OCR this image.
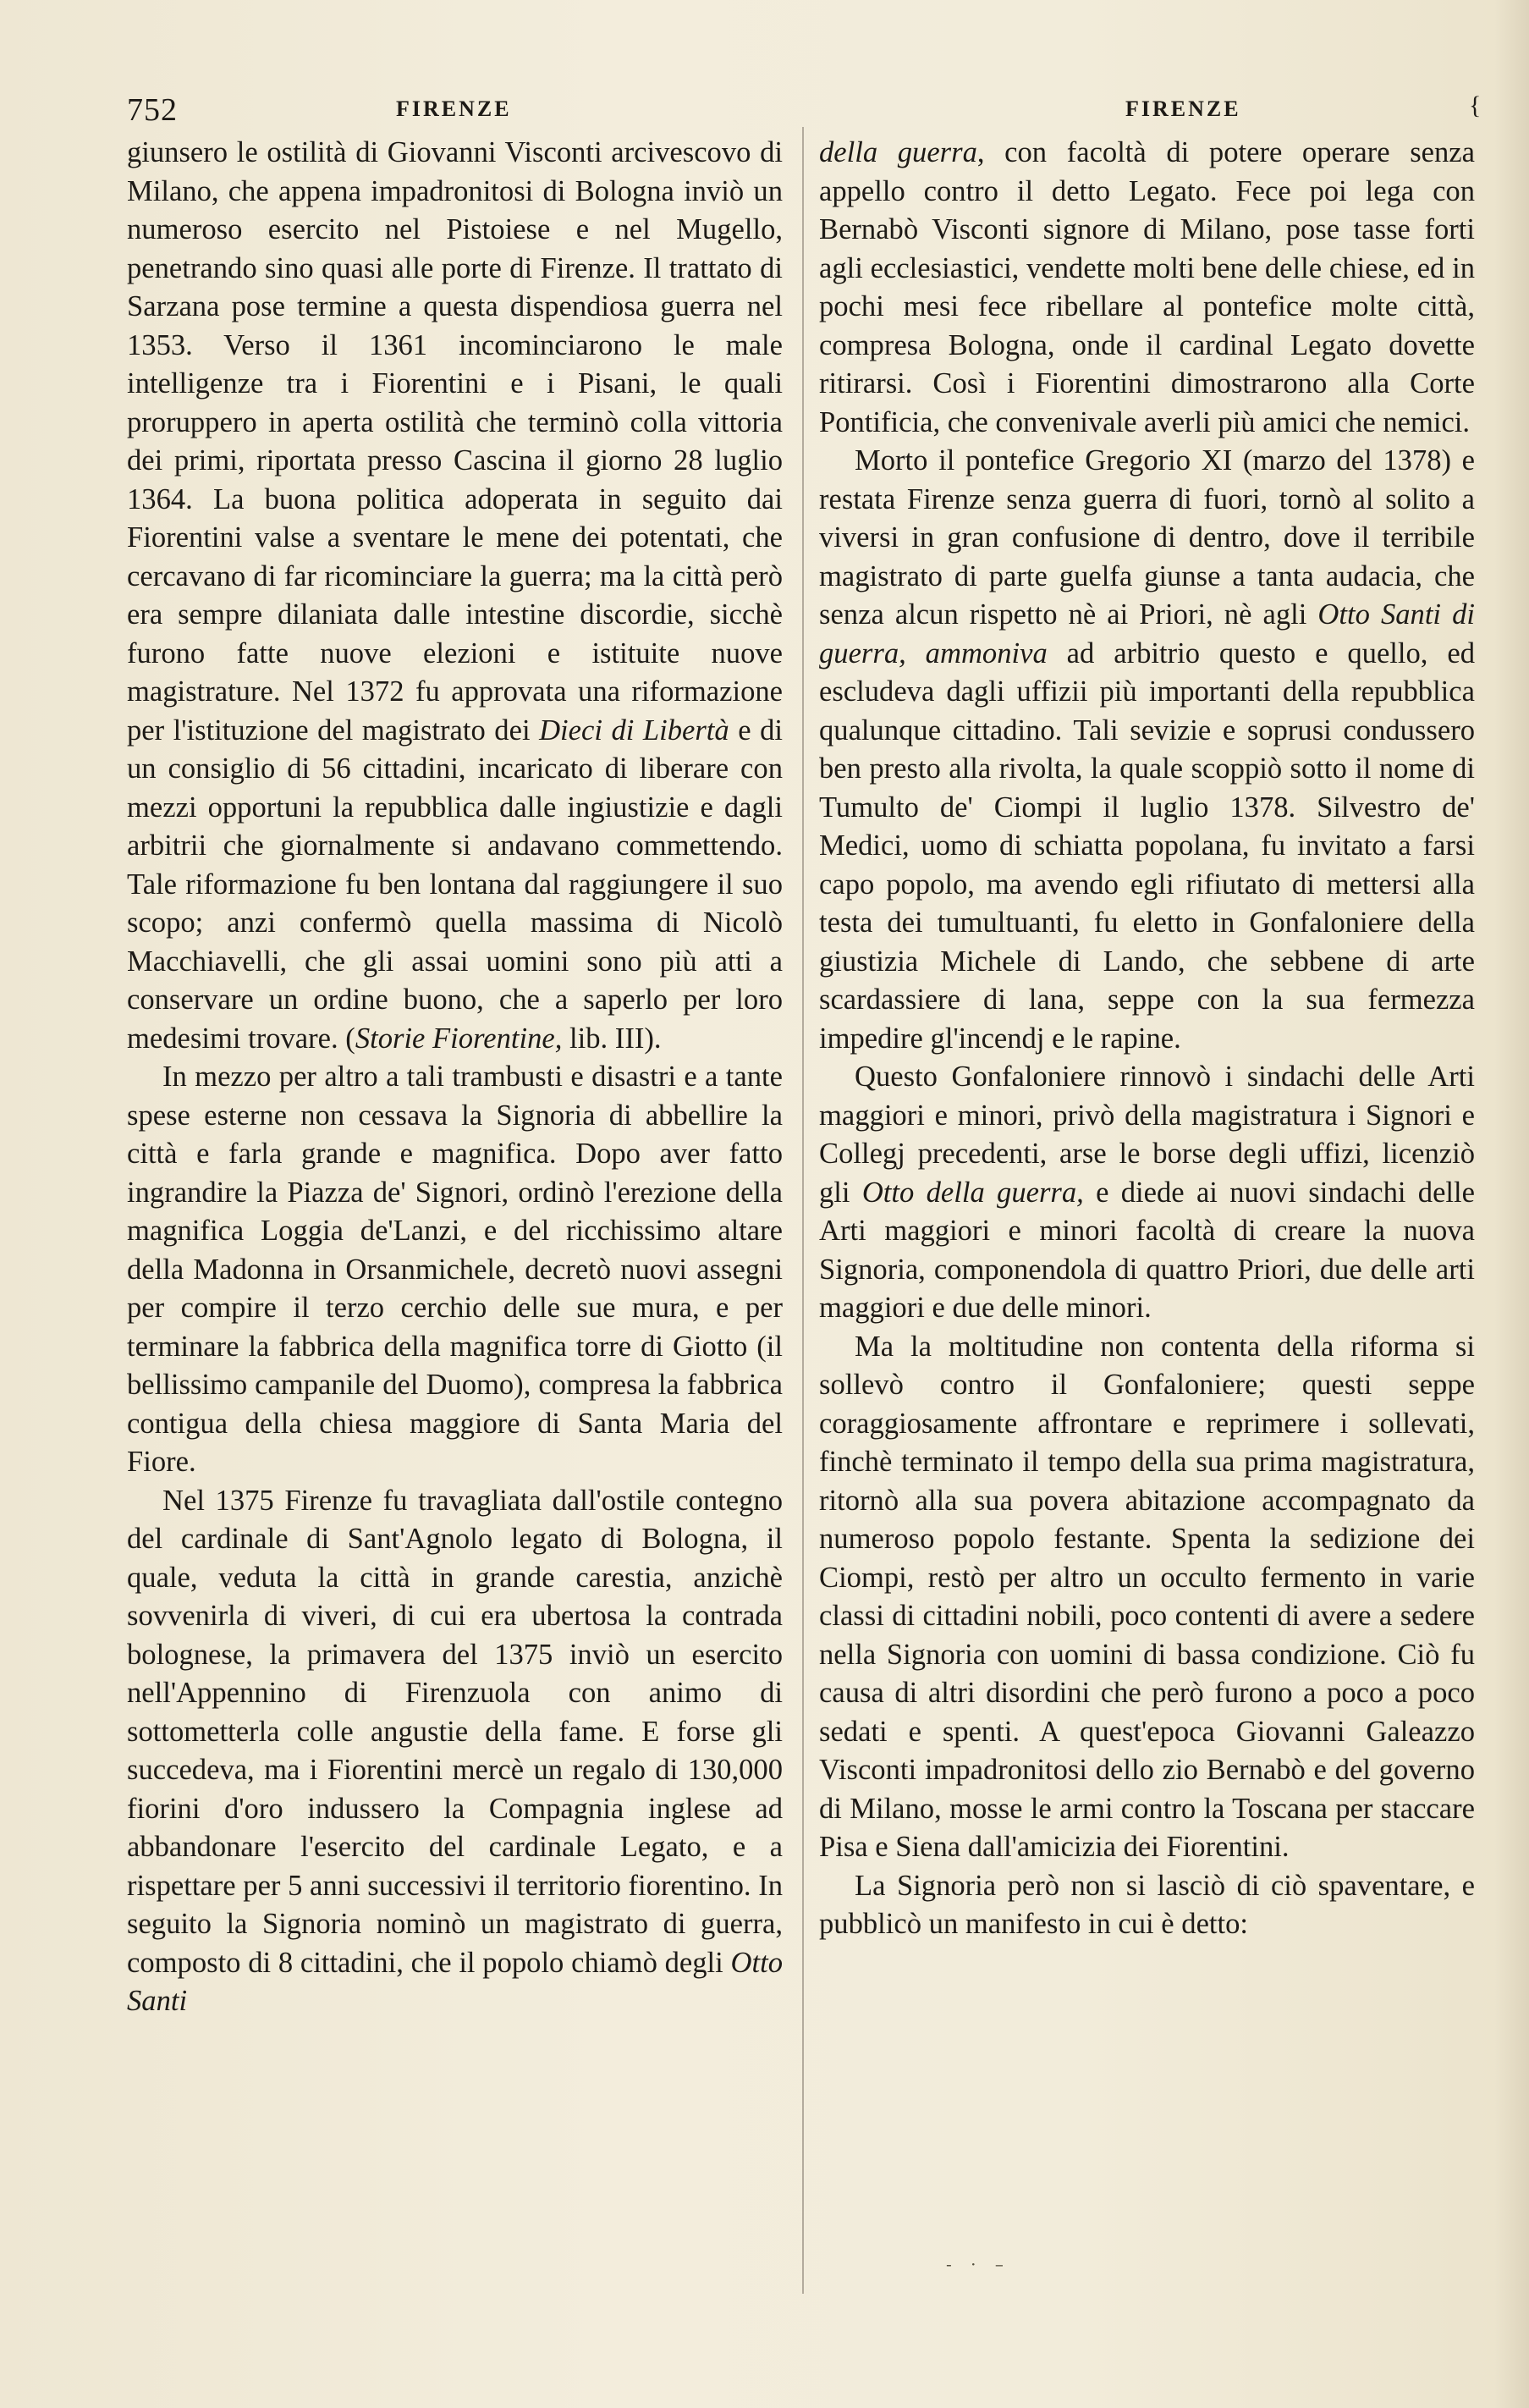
752	FIRENZE	FIRENZE	{

giunsero le ostilità di Giovanni Visconti arcivescovo di Milano, che appena impadronitosi di Bologna inviò un numeroso esercito nel Pistoiese e nel Mugello, penetrando sino quasi alle porte di Firenze. Il trattato di Sarzana pose termine a questa dispendiosa guerra nel 1353. Verso il 1361 incominciarono le male intelligenze tra i Fiorentini e i Pisani, le quali proruppero in aperta ostilità che terminò colla vittoria dei primi, riportata presso Cascina il giorno 28 luglio 1364. La buona politica adoperata in seguito dai Fiorentini valse a sventare le mene dei potentati, che cercavano di far ricominciare la guerra; ma la città però era sempre dilaniata dalle intestine discordie, sicchè furono fatte nuove elezioni e istituite nuove magistrature. Nel 1372 fu approvata una riformazione per l'istituzione del magistrato dei Dieci di Libertà e di un consiglio di 56 cittadini, incaricato di liberare con mezzi opportuni la repubblica dalle ingiustizie e dagli arbitrii che giornalmente si andavano commettendo. Tale riformazione fu ben lontana dal raggiungere il suo scopo; anzi confermò quella massima di Nicolò Macchiavelli, che gli assai uomini sono più atti a conservare un ordine buono, che a saperlo per loro medesimi trovare. (Storie Fiorentine, lib. III).

In mezzo per altro a tali trambusti e disastri e a tante spese esterne non cessava la Signoria di abbellire la città e farla grande e magnifica. Dopo aver fatto ingrandire la Piazza de' Signori, ordinò l'erezione della magnifica Loggia de'Lanzi, e del ricchissimo altare della Madonna in Orsanmichele, decretò nuovi assegni per compire il terzo cerchio delle sue mura, e per terminare la fabbrica della magnifica torre di Giotto (il bellissimo campanile del Duomo), compresa la fabbrica contigua della chiesa maggiore di Santa Maria del Fiore.

Nel 1375 Firenze fu travagliata dall'ostile contegno del cardinale di Sant'Agnolo legato di Bologna, il quale, veduta la città in grande carestia, anzichè sovvenirla di viveri, di cui era ubertosa la contrada bolognese, la primavera del 1375 inviò un esercito nell'Appennino di Firenzuola con animo di sottometterla colle angustie della fame. E forse gli succedeva, ma i Fiorentini mercè un regalo di 130,000 fiorini d'oro indussero la Compagnia inglese ad abbandonare l'esercito del cardinale Legato, e a rispettare per 5 anni successivi il territorio fiorentino. In seguito la Signoria nominò un magistrato di guerra, composto di 8 cittadini, che il popolo chiamò degli Otto Santi

della guerra, con facoltà di potere operare senza appello contro il detto Legato. Fece poi lega con Bernabò Visconti signore di Milano, pose tasse forti agli ecclesiastici, vendette molti bene delle chiese, ed in pochi mesi fece ribellare al pontefice molte città, compresa Bologna, onde il cardinal Legato dovette ritirarsi. Così i Fiorentini dimostrarono alla Corte Pontificia, che convenivale averli più amici che nemici.

Morto il pontefice Gregorio XI (marzo del 1378) e restata Firenze senza guerra di fuori, tornò al solito a viversi in gran confusione di dentro, dove il terribile magistrato di parte guelfa giunse a tanta audacia, che senza alcun rispetto nè ai Priori, nè agli Otto Santi di guerra, ammoniva ad arbitrio questo e quello, ed escludeva dagli uffizii più importanti della repubblica qualunque cittadino. Tali sevizie e soprusi condussero ben presto alla rivolta, la quale scoppiò sotto il nome di Tumulto de' Ciompi il luglio 1378. Silvestro de' Medici, uomo di schiatta popolana, fu invitato a farsi capo popolo, ma avendo egli rifiutato di mettersi alla testa dei tumultuanti, fu eletto in Gonfaloniere della giustizia Michele di Lando, che sebbene di arte scardassiere di lana, seppe con la sua fermezza impedire gl'incendj e le rapine.

Questo Gonfaloniere rinnovò i sindachi delle Arti maggiori e minori, privò della magistratura i Signori e Collegj precedenti, arse le borse degli uffizi, licenziò gli Otto della guerra, e diede ai nuovi sindachi delle Arti maggiori e minori facoltà di creare la nuova Signoria, componendola di quattro Priori, due delle arti maggiori e due delle minori.

Ma la moltitudine non contenta della riforma si sollevò contro il Gonfaloniere; questi seppe coraggiosamente affrontare e reprimere i sollevati, finchè terminato il tempo della sua prima magistratura, ritornò alla sua povera abitazione accompagnato da numeroso popolo festante. Spenta la sedizione dei Ciompi, restò per altro un occulto fermento in varie classi di cittadini nobili, poco contenti di avere a sedere nella Signoria con uomini di bassa condizione. Ciò fu causa di altri disordini che però furono a poco a poco sedati e spenti. A quest'epoca Giovanni Galeazzo Visconti impadronitosi dello zio Bernabò e del governo di Milano, mosse le armi contro la Toscana per staccare Pisa e Siena dall'amicizia dei Fiorentini.

La Signoria però non si lasciò di ciò spaventare, e pubblicò un manifesto in cui è detto:

- · –
